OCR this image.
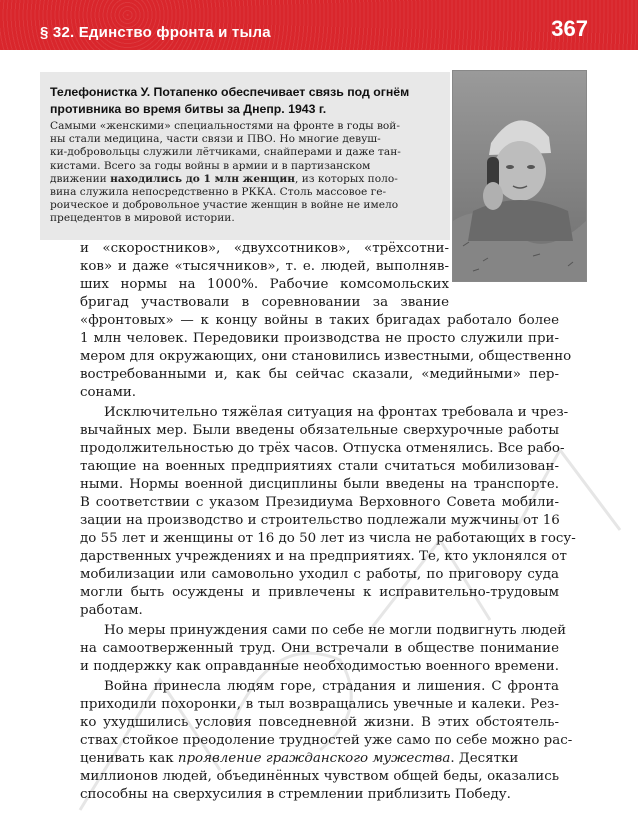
§ 32. Единство фронта и тыла	367
Телефонистка У. Потапенко обеспечивает связь под огнём
противника во время битвы за Днепр. 1943 г.
Самыми «женскими» специальностями на фронте в годы вой-
ны стали медицина, части связи и ПВО. Но многие девуш-
ки-добровольцы служили лётчиками, снайперами и даже тан-
кистами. Всего за годы войны в армии и в партизанском
движении находились до 1 млн женщин, из которых поло-
вина служила непосредственно в РККА. Столь массовое ге-
роическое и добровольное участие женщин в войне не имело
прецедентов в мировой истории.
и «скоростников», «двухсотников», «трёхсотни-
ков» и даже «тысячников», т. е. людей, выполняв-
ших нормы на 1000%. Рабочие комсомольских
бригад участвовали в соревновании за звание
«фронтовых» — к концу войны в таких бригадах работало более
1 млн человек. Передовики производства не просто служили при-
мером для окружающих, они становились известными, общественно
востребованными и, как бы сейчас сказали, «медийными» пер-
сонами.
Исключительно тяжёлая ситуация на фронтах требовала и чрез-
вычайных мер. Были введены обязательные сверхурочные работы
продолжительностью до трёх часов. Отпуска отменялись. Все рабо-
тающие на военных предприятиях стали считаться мобилизован-
ными. Нормы военной дисциплины были введены на транспорте.
В соответствии с указом Президиума Верховного Совета мобили-
зации на производство и строительство подлежали мужчины от 16
до 55 лет и женщины от 16 до 50 лет из числа не работающих в госу-
дарственных учреждениях и на предприятиях. Те, кто уклонялся от
мобилизации или самовольно уходил с работы, по приговору суда
могли быть осуждены и привлечены к исправительно-трудовым
работам.
Но меры принуждения сами по себе не могли подвигнуть людей
на самоотверженный труд. Они встречали в обществе понимание
и поддержку как оправданные необходимостью военного времени.
Война принесла людям горе, страдания и лишения. С фронта
приходили похоронки, в тыл возвращались увечные и калеки. Рез-
ко ухудшились условия повседневной жизни. В этих обстоятель-
ствах стойкое преодоление трудностей уже само по себе можно рас-
ценивать как проявление гражданского мужества. Десятки
миллионов людей, объединённых чувством общей беды, оказались
способны на сверхусилия в стремлении приблизить Победу.
